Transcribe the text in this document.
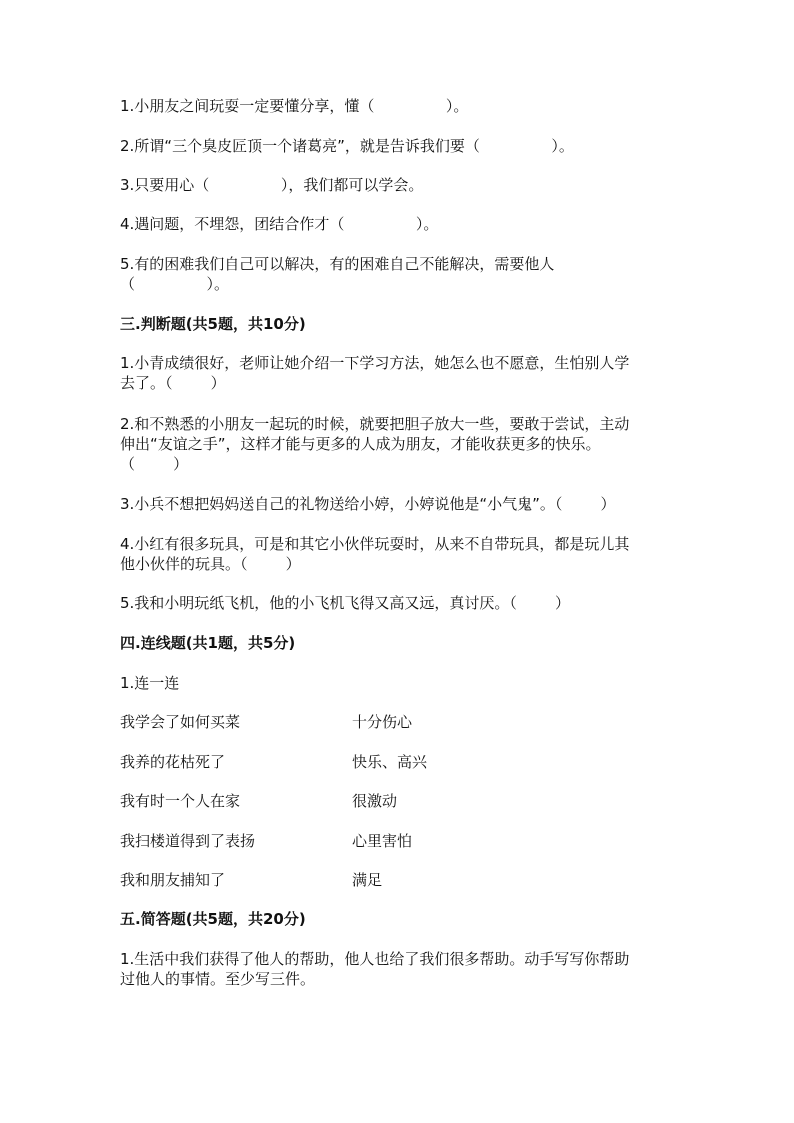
1.小朋友之间玩耍一定要懂分享，懂（               ）。
2.所谓“三个臭皮匠顶一个诸葛亮”，就是告诉我们要（               ）。
3.只要用心（               ），我们都可以学会。
4.遇问题，不埋怨，团结合作才（               ）。
5.有的困难我们自己可以解决，有的困难自己不能解决，需要他人
（               ）。
三.判断题(共5题，共10分)
1.小青成绩很好，老师让她介绍一下学习方法，她怎么也不愿意，生怕别人学
去了。（        ）
2.和不熟悉的小朋友一起玩的时候，就要把胆子放大一些，要敢于尝试，主动
伸出“友谊之手”，这样才能与更多的人成为朋友，才能收获更多的快乐。
（        ）
3.小兵不想把妈妈送自己的礼物送给小婷，小婷说他是“小气鬼”。（        ）
4.小红有很多玩具，可是和其它小伙伴玩耍时，从来不自带玩具，都是玩儿其
他小伙伴的玩具。（        ）
5.我和小明玩纸飞机，他的小飞机飞得又高又远，真讨厌。（        ）
四.连线题(共1题，共5分)
1.连一连
我学会了如何买菜	十分伤心
我养的花枯死了	快乐、高兴
我有时一个人在家	很激动
我扫楼道得到了表扬	心里害怕
我和朋友捕知了	满足
五.简答题(共5题，共20分)
1.生活中我们获得了他人的帮助，他人也给了我们很多帮助。动手写写你帮助
过他人的事情。至少写三件。
